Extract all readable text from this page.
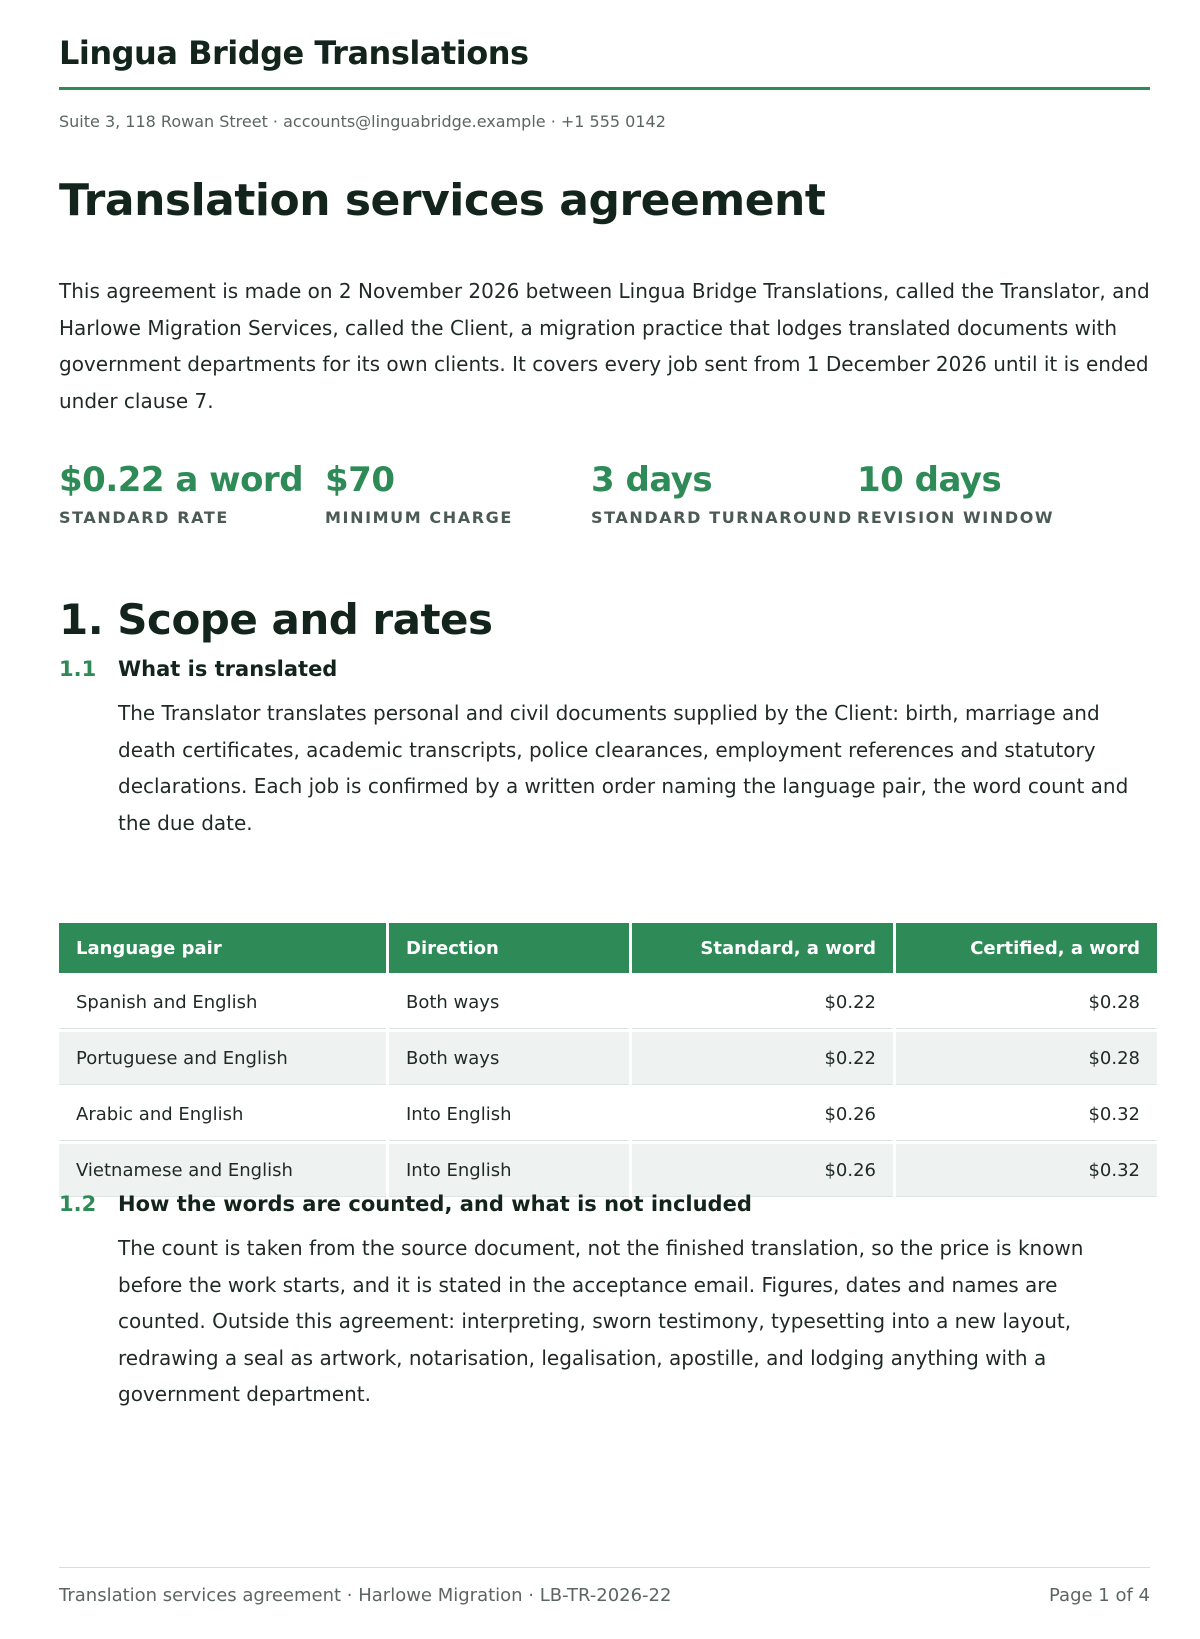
Lingua Bridge Translations
Suite 3, 118 Rowan Street · accounts@linguabridge.example · +1 555 0142
Translation services agreement

This agreement is made on 2 November 2026 between Lingua Bridge Translations, called the Translator, and Harlowe Migration Services, called the Client, a migration practice that lodges translated documents with government departments for its own clients. It covers every job sent from 1 December 2026 until it is ended under clause 7.

$0.22 a word
STANDARD RATE
$70
MINIMUM CHARGE
3 days
STANDARD TURNAROUND
10 days
REVISION WINDOW
1. Scope and rates
1.1 What is translated

The Translator translates personal and civil documents supplied by the Client: birth, marriage and death certificates, academic transcripts, police clearances, employment references and statutory declarations. Each job is confirmed by a written order naming the language pair, the word count and the due date.

Language pair	Direction	Standard, a word	Certified, a word
Spanish and English	Both ways	$0.22	$0.28
Portuguese and English	Both ways	$0.22	$0.28
Arabic and English	Into English	$0.26	$0.32
Vietnamese and English	Into English	$0.26	$0.32
1.2 How the words are counted, and what is not included

The count is taken from the source document, not the finished translation, so the price is known before the work starts, and it is stated in the acceptance email. Figures, dates and names are counted. Outside this agreement: interpreting, sworn testimony, typesetting into a new layout, redrawing a seal as artwork, notarisation, legalisation, apostille, and lodging anything with a government department.

Translation services agreement · Harlowe Migration · LB-TR-2026-22	Page 1 of 4
